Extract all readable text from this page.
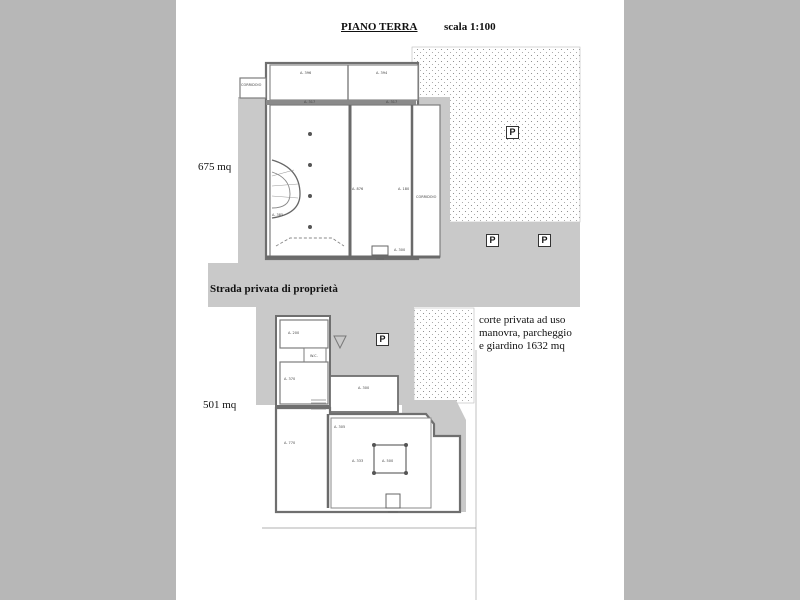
A. 396	A. 394
A. 317	A. 317
A. 876	A. 180
CORRIDOIO
A. 385
A. 300
CORRIDOIO
A. 200
W.C.
A. 370
A. 300
A. 305
A. 770
A. 333	A. 500
PIANO TERRA scala 1:100
675 mq
501 mq
Strada privata di proprietà
corte privata ad uso
manovra, parcheggio
e giardino 1632 mq
P
P	P
P
